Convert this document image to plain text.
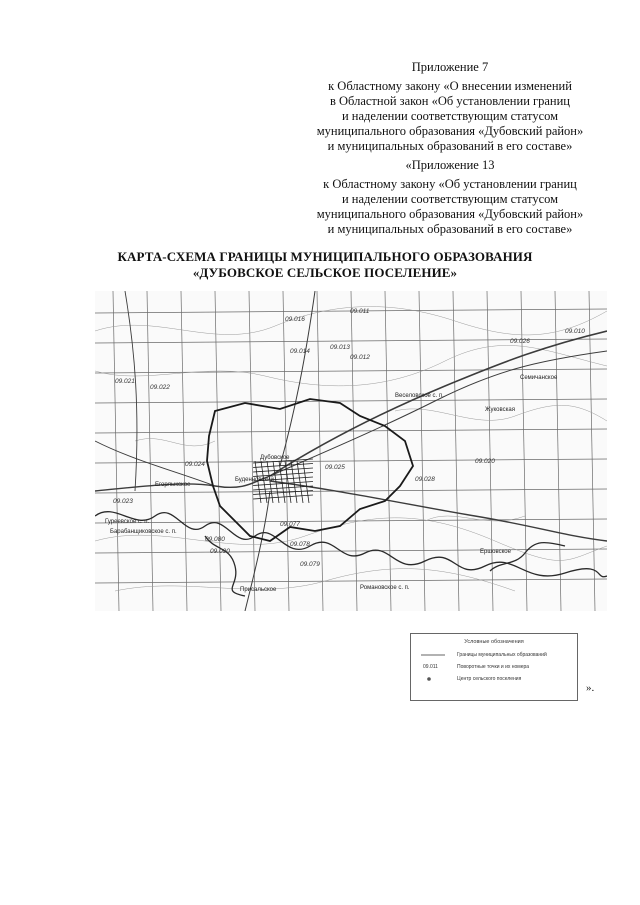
Приложение 7
к Областному закону «О внесении изменений
в Областной закон «Об установлении границ
и наделении соответствующим статусом
муниципального образования «Дубовский район»
и муниципальных образований в его составе»
«Приложение 13
к Областному закону «Об установлении границ
и наделении соответствующим статусом
муниципального образования «Дубовский район»
и муниципальных образований в его составе»
КАРТА-СХЕМА ГРАНИЦЫ МУНИЦИПАЛЬНОГО ОБРАЗОВАНИЯ
«ДУБОВСКОЕ СЕЛЬСКОЕ ПОСЕЛЕНИЕ»
09.016
09.011
09.010
09.014
09.013
09.012
09.026
09.021
09.022
09.023
09.024	09.025
09.028
09.020
09.077
09.078
09.079
09.080
09.090
Дубовское
Веселовское с. п.
Семичанское
Егорлыкское
Гуреевское с. п.
Романовское с. п.
Барабанщиковское с. п.
Присальское
Ершовское
Буденновский
Жуковская
Условные обозначения
Границы муниципальных образований
09.011	Поворотные точки и их номера
Центр сельского поселения
».
